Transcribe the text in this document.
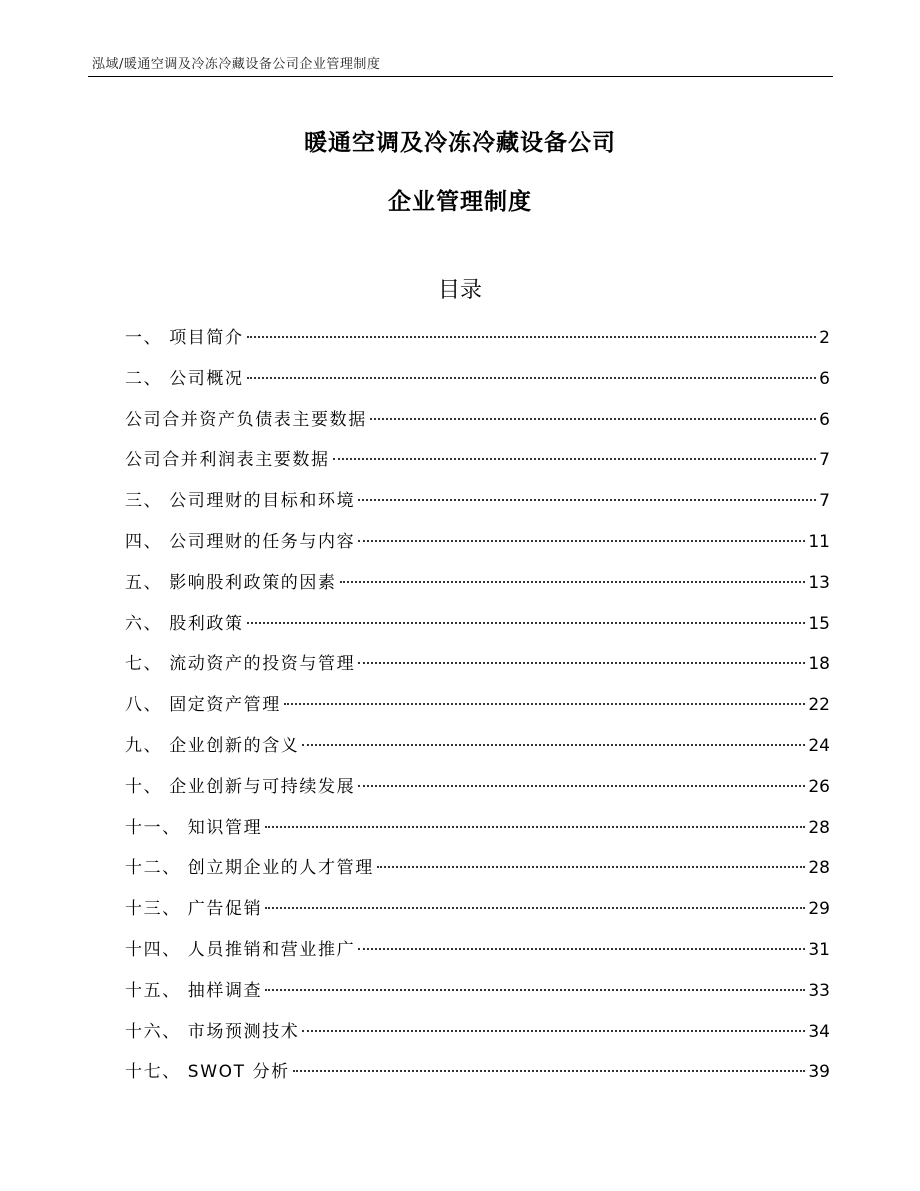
泓域/暖通空调及冷冻冷藏设备公司企业管理制度
暖通空调及冷冻冷藏设备公司
企业管理制度
目录
一、 项目简介	2
二、 公司概况	6
公司合并资产负债表主要数据	6
公司合并利润表主要数据	7
三、 公司理财的目标和环境	7
四、 公司理财的任务与内容	11
五、 影响股利政策的因素	13
六、 股利政策	15
七、 流动资产的投资与管理	18
八、 固定资产管理	22
九、 企业创新的含义	24
十、 企业创新与可持续发展	26
十一、 知识管理	28
十二、 创立期企业的人才管理	28
十三、 广告促销	29
十四、 人员推销和营业推广	31
十五、 抽样调查	33
十六、 市场预测技术	34
十七、 SWOT 分析	39
